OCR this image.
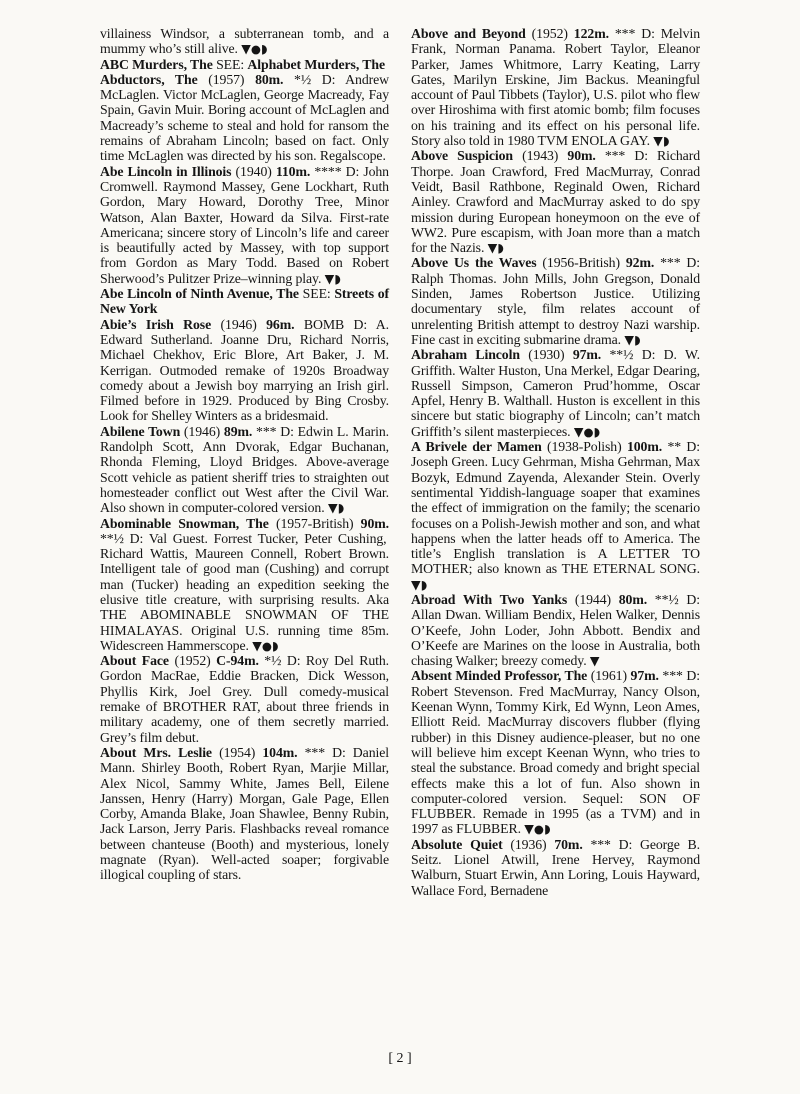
villainess Windsor, a subterranean tomb, and a mummy who’s still alive. ▼●◗

ABC Murders, The SEE: Alphabet Murders, The

Abductors, The (1957) 80m. *½ D: Andrew McLaglen. Victor McLaglen, George Macready, Fay Spain, Gavin Muir. Boring account of McLaglen and Macready’s scheme to steal and hold for ransom the remains of Abraham Lincoln; based on fact. Only time McLaglen was directed by his son. Regalscope.

Abe Lincoln in Illinois (1940) 110m. **** D: John Cromwell. Raymond Massey, Gene Lockhart, Ruth Gordon, Mary Howard, Dorothy Tree, Minor Watson, Alan Baxter, Howard da Silva. First-rate Americana; sincere story of Lincoln’s life and career is beautifully acted by Massey, with top support from Gordon as Mary Todd. Based on Robert Sherwood’s Pulitzer Prize–winning play. ▼◗

Abe Lincoln of Ninth Avenue, The SEE: Streets of New York

Abie’s Irish Rose (1946) 96m. BOMB D: A. Edward Sutherland. Joanne Dru, Richard Norris, Michael Chekhov, Eric Blore, Art Baker, J. M. Kerrigan. Outmoded remake of 1920s Broadway comedy about a Jewish boy marrying an Irish girl. Filmed before in 1929. Produced by Bing Crosby. Look for Shelley Winters as a bridesmaid.

Abilene Town (1946) 89m. *** D: Edwin L. Marin. Randolph Scott, Ann Dvorak, Edgar Buchanan, Rhonda Fleming, Lloyd Bridges. Above-average Scott vehicle as patient sheriff tries to straighten out homesteader conflict out West after the Civil War. Also shown in computer-colored version. ▼◗

Abominable Snowman, The (1957-British) 90m. **½ D: Val Guest. Forrest Tucker, Peter Cushing, Richard Wattis, Maureen Connell, Robert Brown. Intelligent tale of good man (Cushing) and corrupt man (Tucker) heading an expedition seeking the elusive title creature, with surprising results. Aka THE ABOMINABLE SNOWMAN OF THE HIMALAYAS. Original U.S. running time 85m. Widescreen Hammerscope. ▼●◗

About Face (1952) C-94m. *½ D: Roy Del Ruth. Gordon MacRae, Eddie Bracken, Dick Wesson, Phyllis Kirk, Joel Grey. Dull comedy-musical remake of BROTHER RAT, about three friends in military academy, one of them secretly married. Grey’s film debut.

About Mrs. Leslie (1954) 104m. *** D: Daniel Mann. Shirley Booth, Robert Ryan, Marjie Millar, Alex Nicol, Sammy White, James Bell, Eilene Janssen, Henry (Harry) Morgan, Gale Page, Ellen Corby, Amanda Blake, Joan Shawlee, Benny Rubin, Jack Larson, Jerry Paris. Flashbacks reveal romance between chanteuse (Booth) and mysterious, lonely magnate (Ryan). Well-acted soaper; forgivable illogical coupling of stars.

Above and Beyond (1952) 122m. *** D: Melvin Frank, Norman Panama. Robert Taylor, Eleanor Parker, James Whitmore, Larry Keating, Larry Gates, Marilyn Erskine, Jim Backus. Meaningful account of Paul Tibbets (Taylor), U.S. pilot who flew over Hiroshima with first atomic bomb; film focuses on his training and its effect on his personal life. Story also told in 1980 TVM ENOLA GAY. ▼◗

Above Suspicion (1943) 90m. *** D: Richard Thorpe. Joan Crawford, Fred MacMurray, Conrad Veidt, Basil Rathbone, Reginald Owen, Richard Ainley. Crawford and MacMurray asked to do spy mission during European honeymoon on the eve of WW2. Pure escapism, with Joan more than a match for the Nazis. ▼◗

Above Us the Waves (1956-British) 92m. *** D: Ralph Thomas. John Mills, John Gregson, Donald Sinden, James Robertson Justice. Utilizing documentary style, film relates account of unrelenting British attempt to destroy Nazi warship. Fine cast in exciting submarine drama. ▼◗

Abraham Lincoln (1930) 97m. **½ D: D. W. Griffith. Walter Huston, Una Merkel, Edgar Dearing, Russell Simpson, Cameron Prud’homme, Oscar Apfel, Henry B. Walthall. Huston is excellent in this sincere but static biography of Lincoln; can’t match Griffith’s silent masterpieces. ▼●◗

A Brivele der Mamen (1938-Polish) 100m. ** D: Joseph Green. Lucy Gehrman, Misha Gehrman, Max Bozyk, Edmund Zayenda, Alexander Stein. Overly sentimental Yiddish-language soaper that examines the effect of immigration on the family; the scenario focuses on a Polish-Jewish mother and son, and what happens when the latter heads off to America. The title’s English translation is A LETTER TO MOTHER; also known as THE ETERNAL SONG. ▼◗

Abroad With Two Yanks (1944) 80m. **½ D: Allan Dwan. William Bendix, Helen Walker, Dennis O’Keefe, John Loder, John Abbott. Bendix and O’Keefe are Marines on the loose in Australia, both chasing Walker; breezy comedy. ▼

Absent Minded Professor, The (1961) 97m. *** D: Robert Stevenson. Fred MacMurray, Nancy Olson, Keenan Wynn, Tommy Kirk, Ed Wynn, Leon Ames, Elliott Reid. MacMurray discovers flubber (flying rubber) in this Disney audience-pleaser, but no one will believe him except Keenan Wynn, who tries to steal the substance. Broad comedy and bright special effects make this a lot of fun. Also shown in computer-colored version. Sequel: SON OF FLUBBER. Remade in 1995 (as a TVM) and in 1997 as FLUBBER. ▼●◗

Absolute Quiet (1936) 70m. *** D: George B. Seitz. Lionel Atwill, Irene Hervey, Raymond Walburn, Stuart Erwin, Ann Loring, Louis Hayward, Wallace Ford, Bernadene

[ 2 ]
